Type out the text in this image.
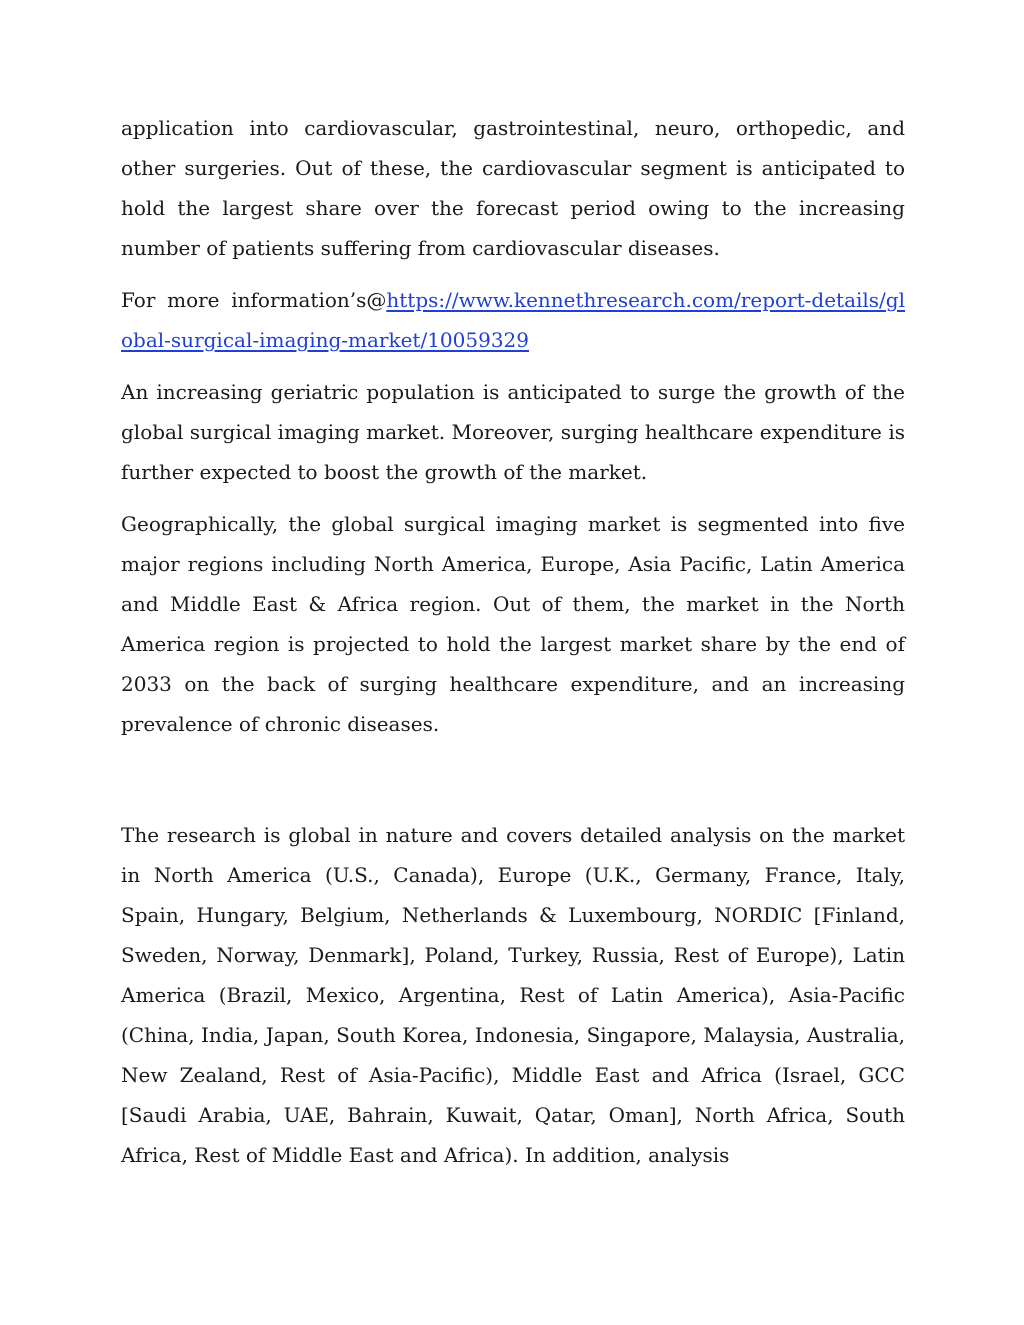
application into cardiovascular, gastrointestinal, neuro, orthopedic, and other surgeries. Out of these, the cardiovascular segment is anticipated to hold the largest share over the forecast period owing to the increasing number of patients suffering from cardiovascular diseases.

For more information’s@https://www.kennethresearch.com/report-details/global-surgical-imaging-market/10059329

An increasing geriatric population is anticipated to surge the growth of the global surgical imaging market. Moreover, surging healthcare expenditure is further expected to boost the growth of the market.

Geographically, the global surgical imaging market is segmented into five major regions including North America, Europe, Asia Pacific, Latin America and Middle East & Africa region. Out of them, the market in the North America region is projected to hold the largest market share by the end of 2033 on the back of surging healthcare expenditure, and an increasing prevalence of chronic diseases.

The research is global in nature and covers detailed analysis on the market in North America (U.S., Canada), Europe (U.K., Germany, France, Italy, Spain, Hungary, Belgium, Netherlands & Luxembourg, NORDIC [Finland, Sweden, Norway, Denmark], Poland, Turkey, Russia, Rest of Europe), Latin America (Brazil, Mexico, Argentina, Rest of Latin America), Asia-Pacific (China, India, Japan, South Korea, Indonesia, Singapore, Malaysia, Australia, New Zealand, Rest of Asia-Pacific), Middle East and Africa (Israel, GCC [Saudi Arabia, UAE, Bahrain, Kuwait, Qatar, Oman], North Africa, South Africa, Rest of Middle East and Africa). In addition, analysis
